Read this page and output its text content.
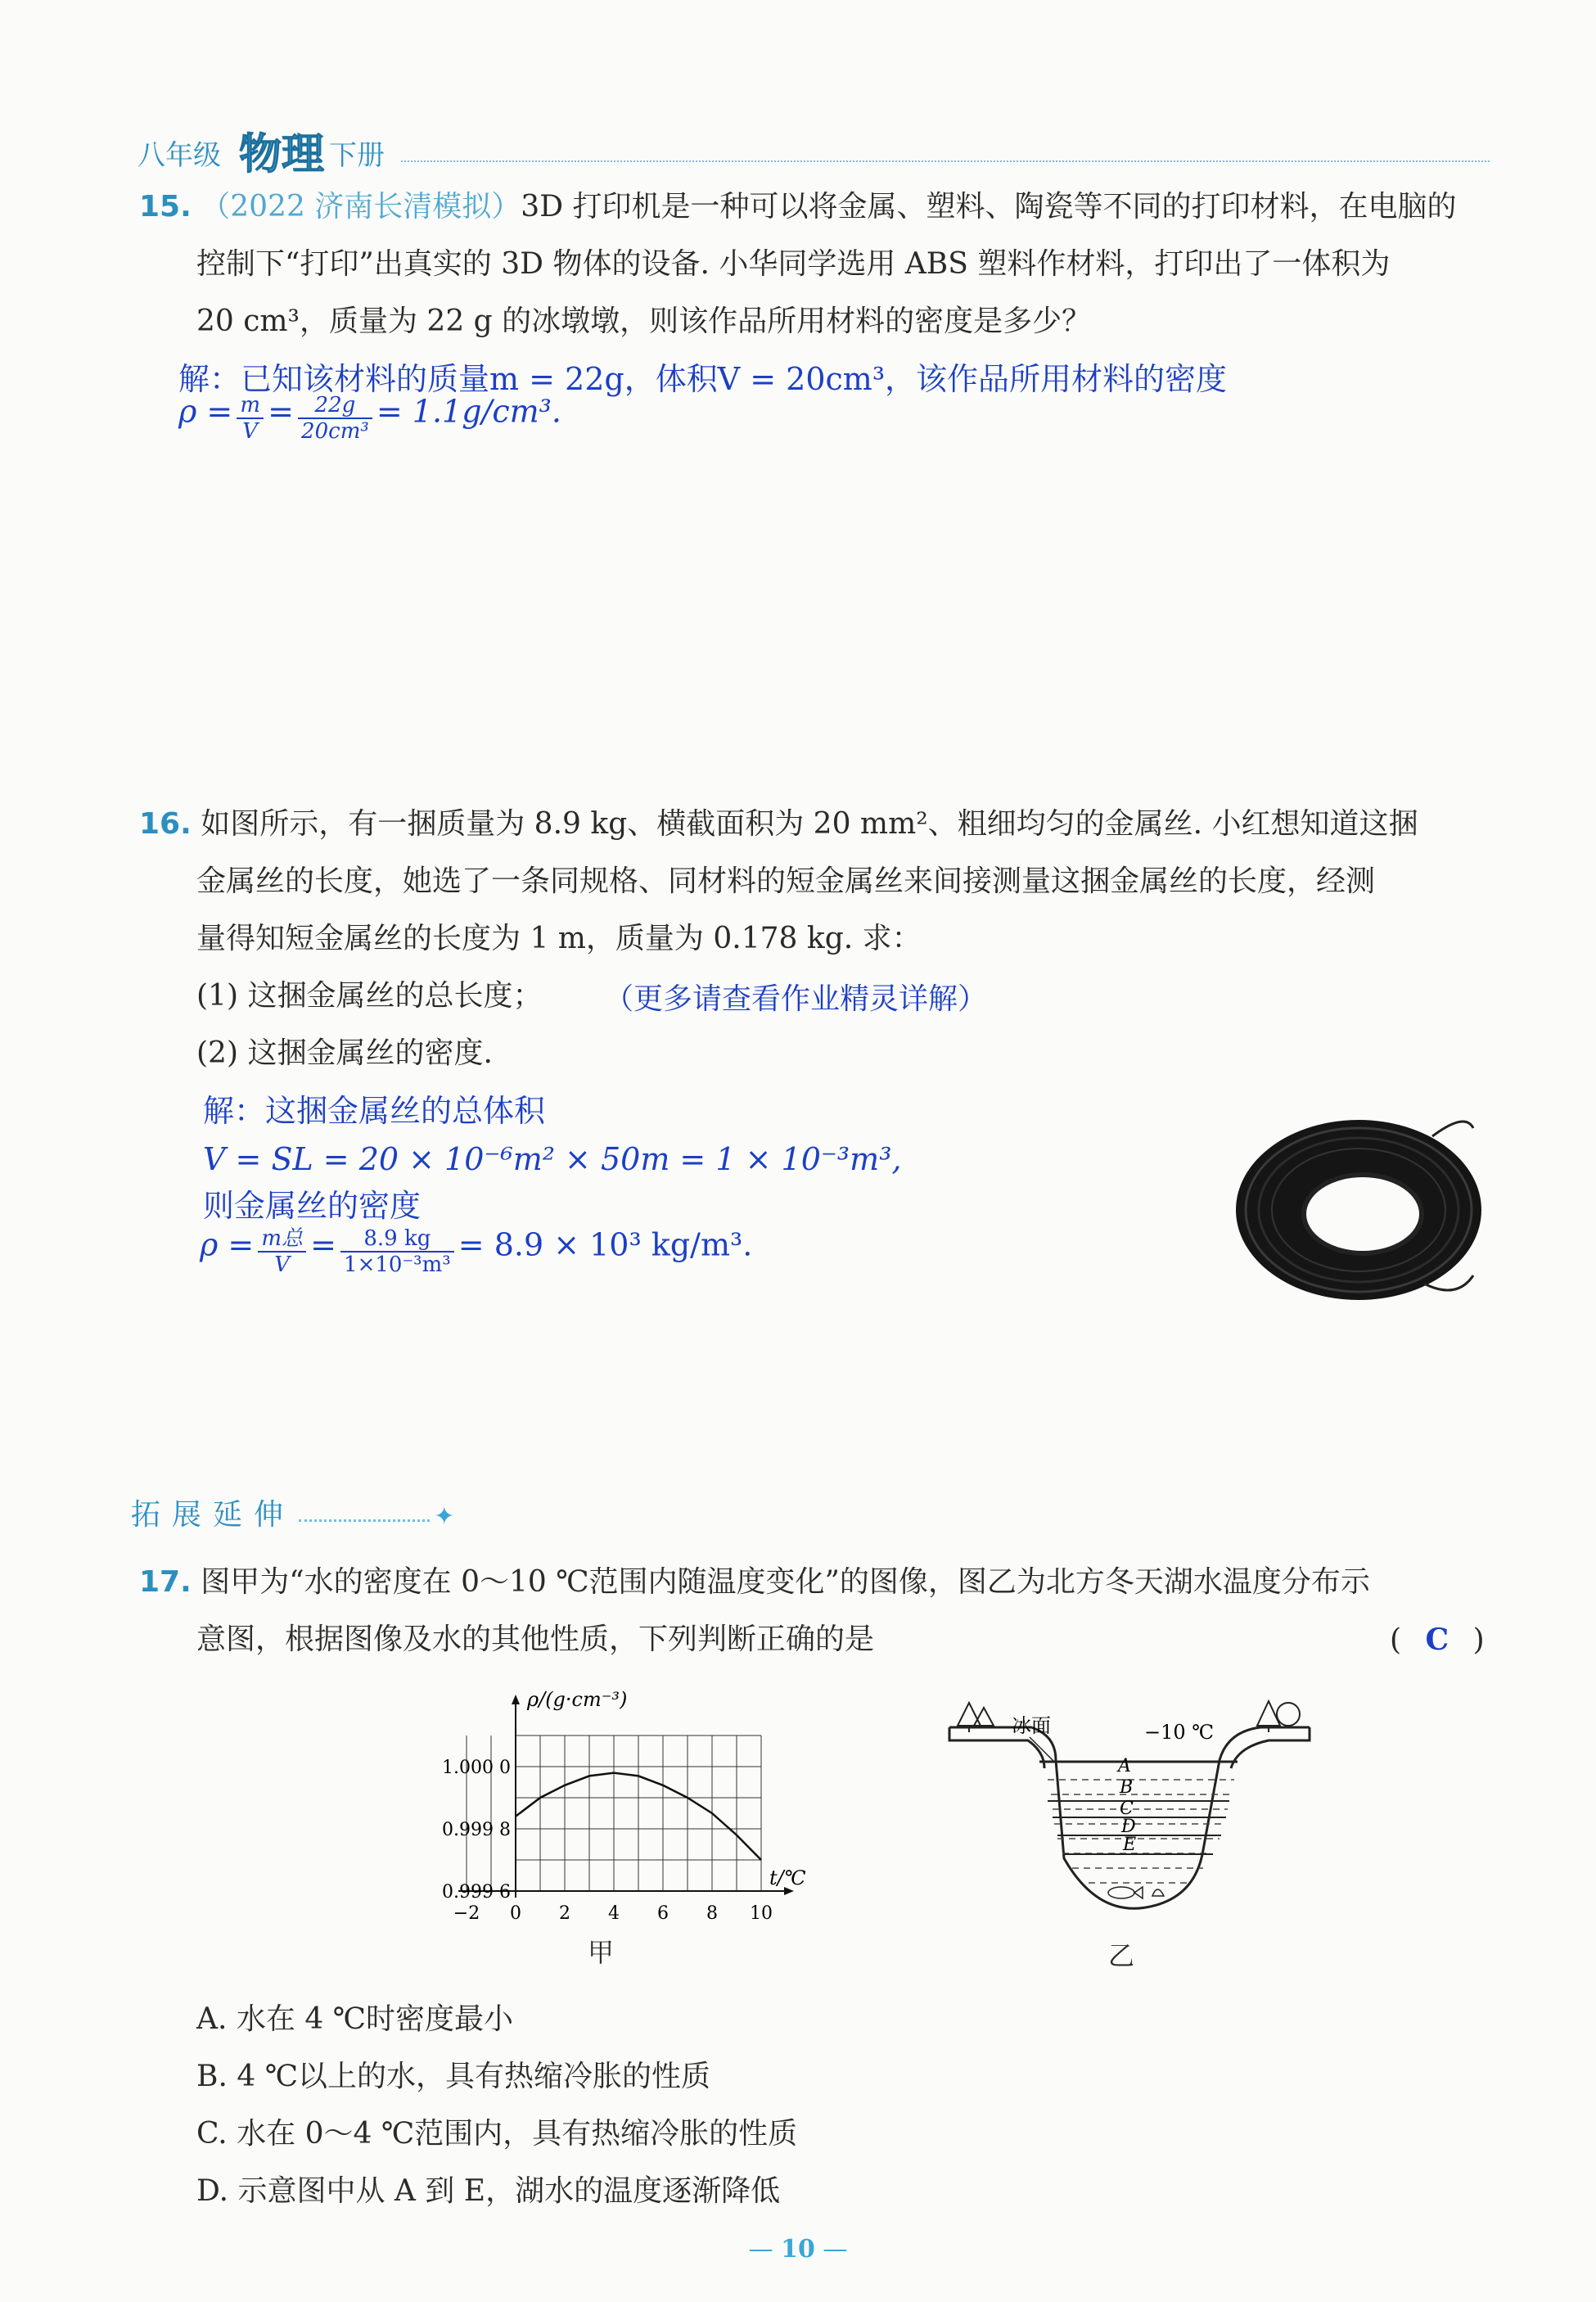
八年级 物理 下册
15. （2022 济南长清模拟）3D 打印机是一种可以将金属、塑料、陶瓷等不同的打印材料，在电脑的
控制下“打印”出真实的 3D 物体的设备. 小华同学选用 ABS 塑料作材料，打印出了一体积为
20 cm³，质量为 22 g 的冰墩墩，则该作品所用材料的密度是多少？
解：已知该材料的质量m = 22g，体积V = 20cm³，该作品所用材料的密度
$\rho = \frac{m}{V} = \frac{22g}{\text{20cm³}} = 1.1g/cm^3$.
16. 如图所示，有一捆质量为 8.9 kg、横截面积为 20 mm²、粗细均匀的金属丝. 小红想知道这捆
金属丝的长度，她选了一条同规格、同材料的短金属丝来间接测量这捆金属丝的长度，经测
量得知短金属丝的长度为 1 m，质量为 0.178 kg. 求：
(1) 这捆金属丝的总长度； （更多请查看作业精灵详解）
(2) 这捆金属丝的密度.
解：这捆金属丝的总体积
V = SL = 20 × 10⁻⁶m² × 50m = 1 × 10⁻³m³,
则金属丝的密度
$\rho = \frac{\text{m总}}{V} = \frac{8.9 kg}{\text{1×10⁻³m³}} = 8.9 \times 10^3$ kg/m³.
拓展延伸	✦
17. 图甲为“水的密度在 0～10 ℃范围内随温度变化”的图像，图乙为北方冬天湖水温度分布示
意图，根据图像及水的其他性质，下列判断正确的是	( C )
ρ/(g·cm⁻³)
t/℃
−2 0 2 4 6 8 10
1.000 0
0.999 8
0.999 6
甲
冰面	−10 ℃
A
B
C
D
E
乙
A. 水在 4 ℃时密度最小
B. 4 ℃以上的水，具有热缩冷胀的性质
C. 水在 0～4 ℃范围内，具有热缩冷胀的性质
D. 示意图中从 A 到 E，湖水的温度逐渐降低
— 10 —
